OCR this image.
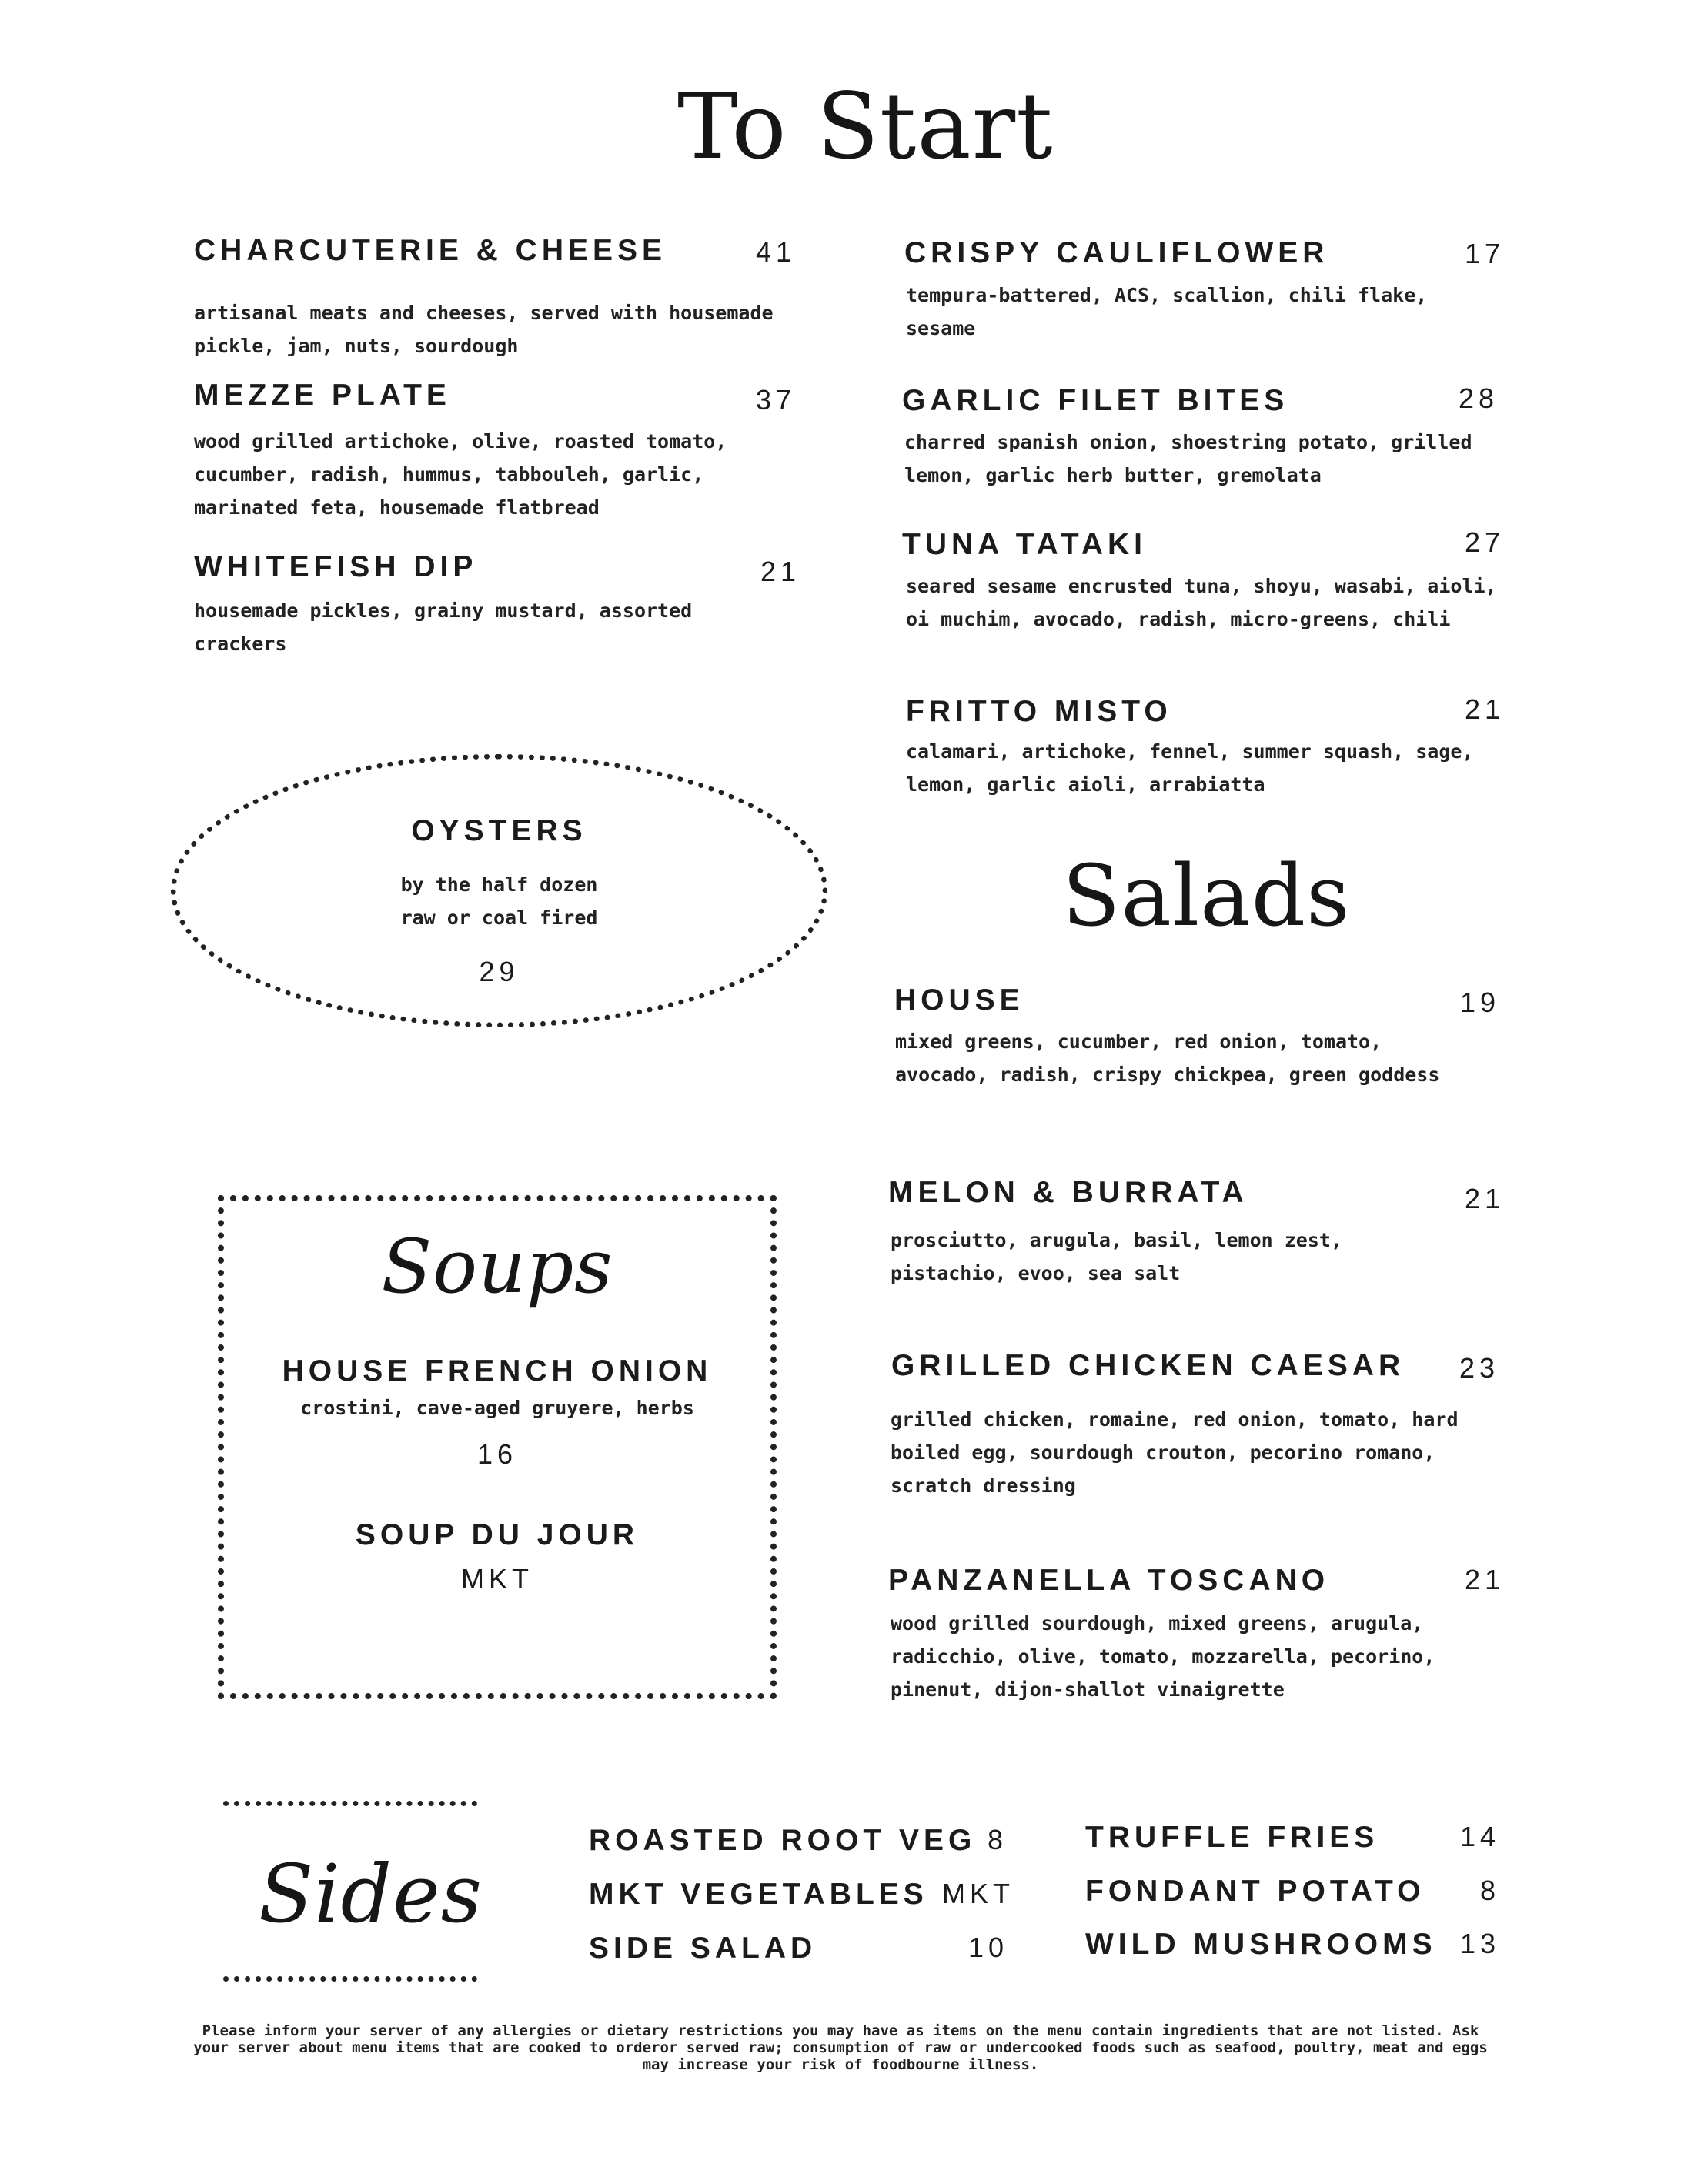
To Start
Salads
CHARCUTERIE & CHEESE	41
artisanal meats and cheeses, served with housemade pickle, jam, nuts, sourdough
MEZZE PLATE	37
wood grilled artichoke, olive, roasted tomato, cucumber, radish, hummus, tabbouleh, garlic, marinated feta, housemade flatbread
WHITEFISH DIP	21
housemade pickles, grainy mustard, assorted crackers
CRISPY CAULIFLOWER	17
tempura-battered, ACS, scallion, chili flake, sesame
GARLIC FILET BITES	28
charred spanish onion, shoestring potato, grilled lemon, garlic herb butter, gremolata
TUNA TATAKI	27
seared sesame encrusted tuna, shoyu, wasabi, aioli, oi muchim, avocado, radish, micro-greens, chili
FRITTO MISTO	21
calamari, artichoke, fennel, summer squash, sage, lemon, garlic aioli, arrabiatta
OYSTERS
by the half dozen
raw or coal fired
29
HOUSE	19
mixed greens, cucumber, red onion, tomato, avocado, radish, crispy chickpea, green goddess
MELON & BURRATA	21
prosciutto, arugula, basil, lemon zest, pistachio, evoo, sea salt
GRILLED CHICKEN CAESAR 23
grilled chicken, romaine, red onion, tomato, hard boiled egg, sourdough crouton, pecorino romano, scratch dressing
PANZANELLA TOSCANO	21
wood grilled sourdough, mixed greens, arugula, radicchio, olive, tomato, mozzarella, pecorino, pinenut, dijon-shallot vinaigrette
Soups
HOUSE FRENCH ONION
crostini, cave-aged gruyere, herbs
16
SOUP DU JOUR
MKT
Sides
ROASTED ROOT VEG 8
MKT VEGETABLES MKT
SIDE SALAD	10
TRUFFLE FRIES	14
FONDANT POTATO 8
WILD MUSHROOMS 13
Please inform your server of any allergies or dietary restrictions you may have as items on the menu contain ingredients that are not listed. Ask your server about menu items that are cooked to orderor served raw; consumption of raw or undercooked foods such as seafood, poultry, meat and eggs may increase your risk of foodbourne illness.
